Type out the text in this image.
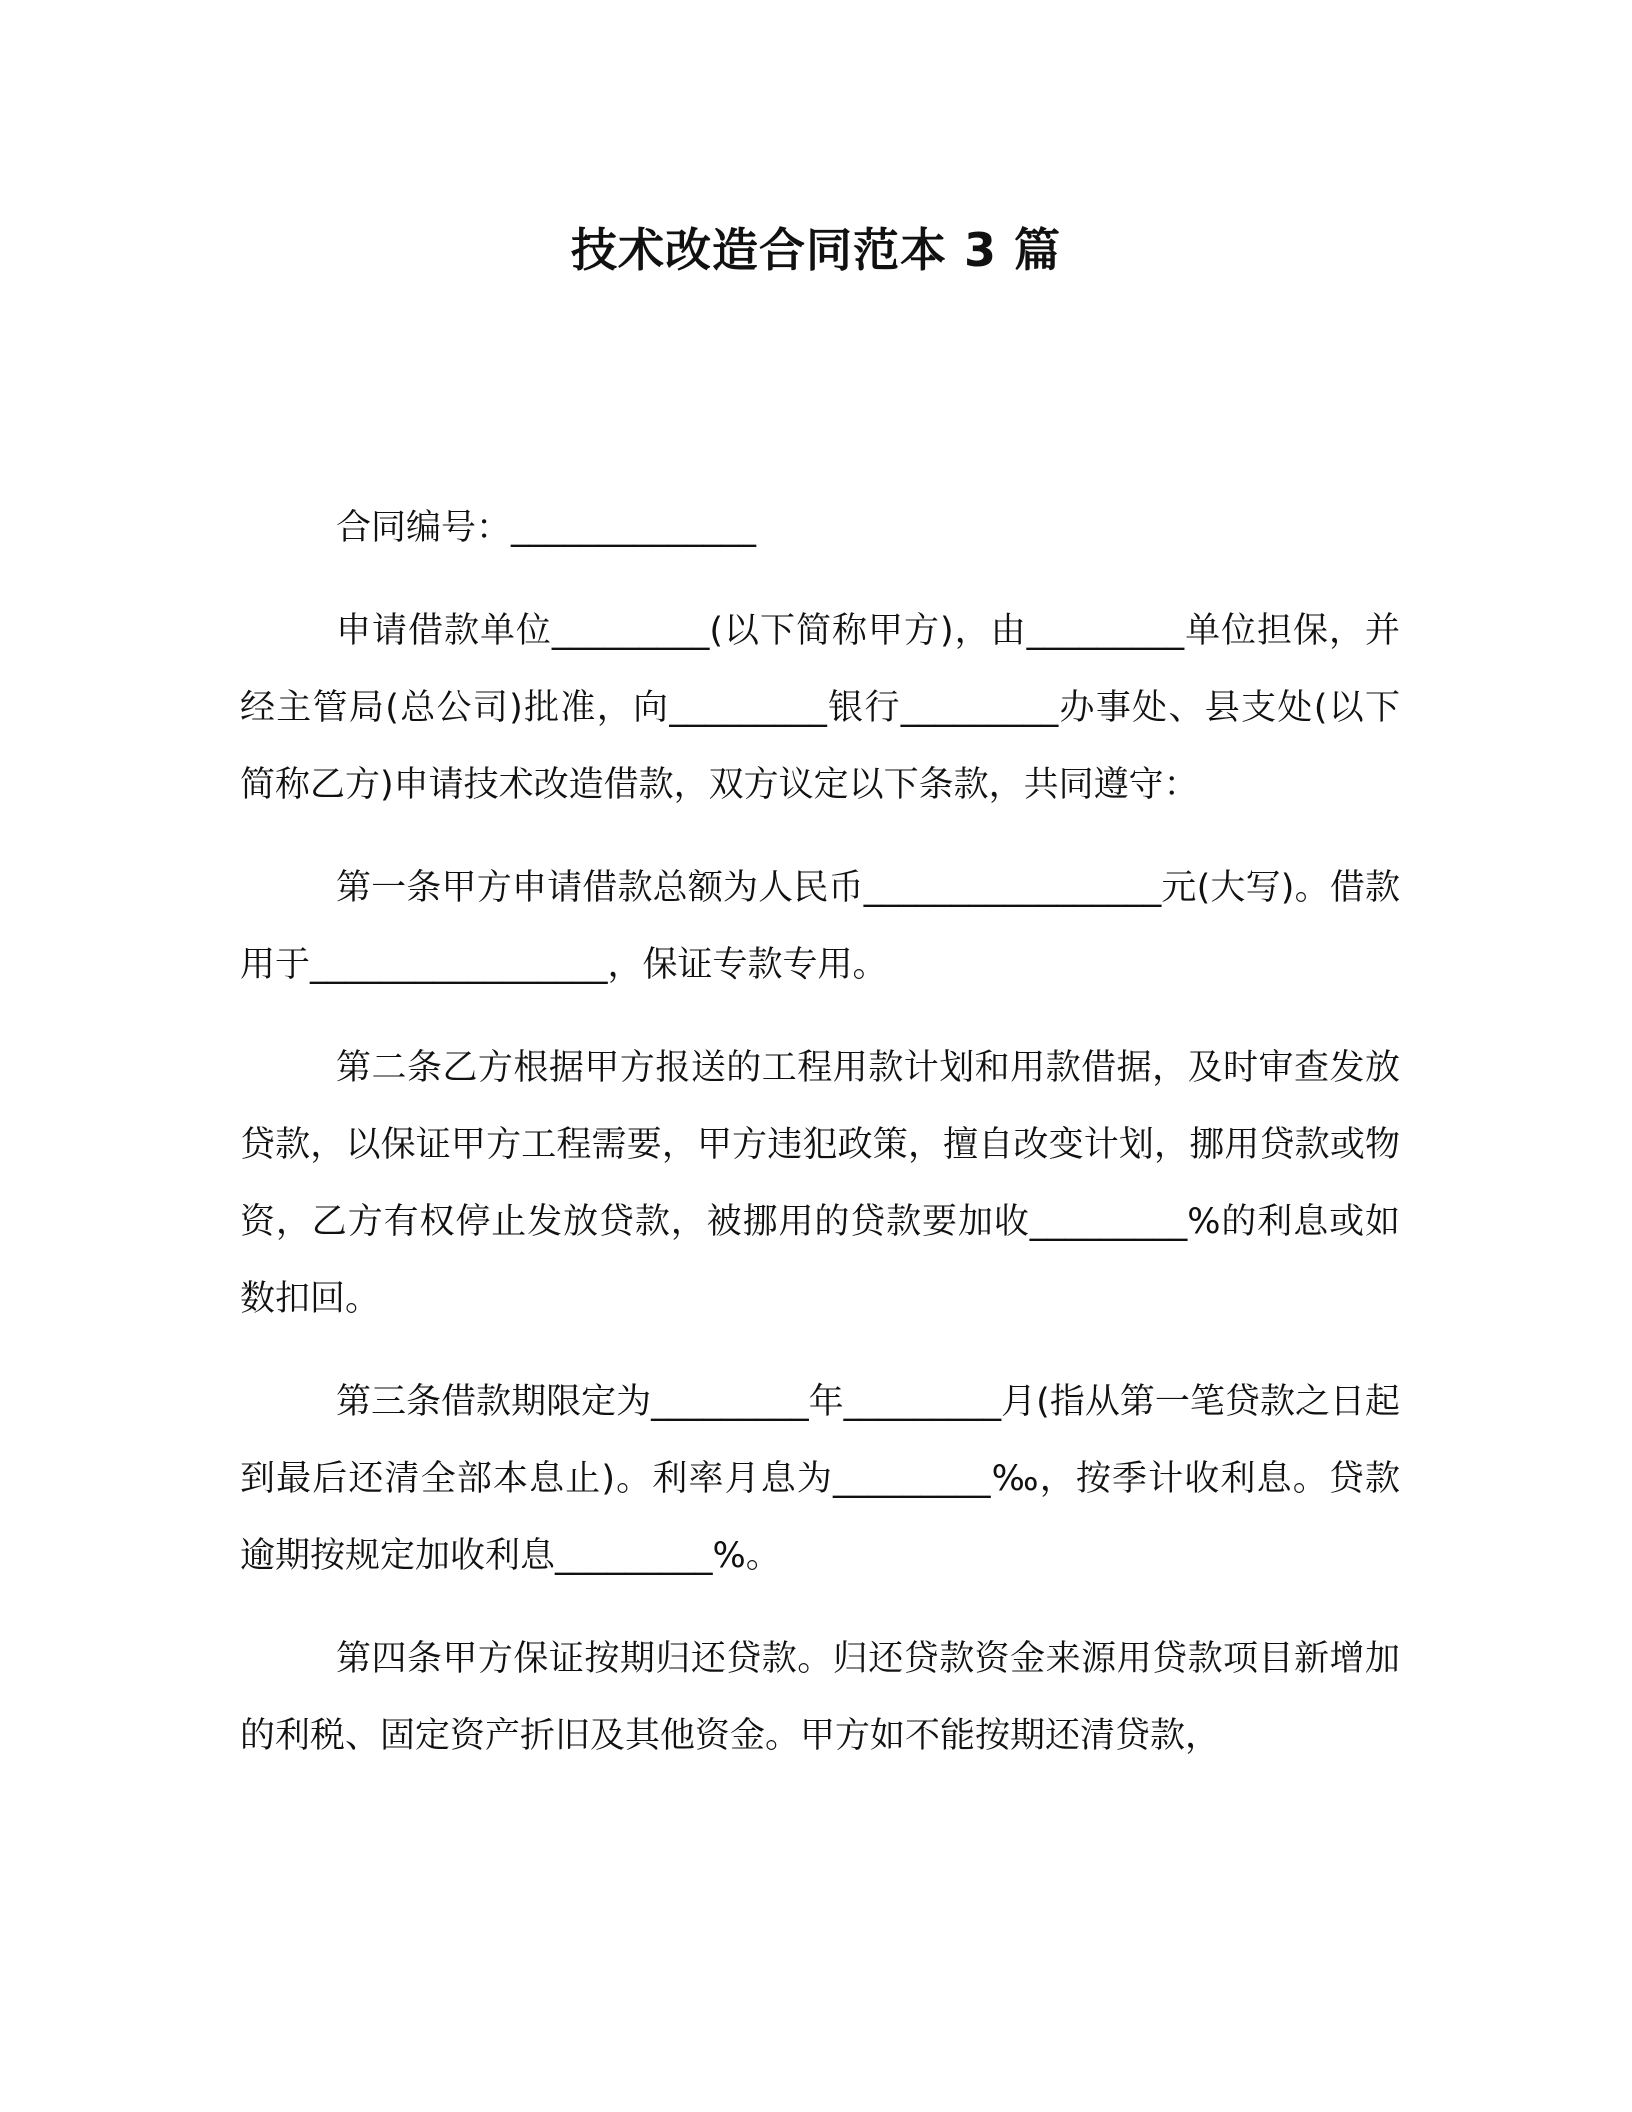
技术改造合同范本 3 篇

合同编号：______________

申请借款单位_________(以下简称甲方)，由_________单位担保，并经主管局(总公司)批准，向_________银行_________办事处、县支处(以下简称乙方)申请技术改造借款，双方议定以下条款，共同遵守：

第一条甲方申请借款总额为人民币_________________元(大写)。借款用于_________________，保证专款专用。

第二条乙方根据甲方报送的工程用款计划和用款借据，及时审查发放贷款，以保证甲方工程需要，甲方违犯政策，擅自改变计划，挪用贷款或物资，乙方有权停止发放贷款，被挪用的贷款要加收_________%的利息或如数扣回。

第三条借款期限定为_________年_________月(指从第一笔贷款之日起到最后还清全部本息止)。利率月息为_________‰，按季计收利息。贷款逾期按规定加收利息_________%。

第四条甲方保证按期归还贷款。归还贷款资金来源用贷款项目新增加的利税、固定资产折旧及其他资金。甲方如不能按期还清贷款，
